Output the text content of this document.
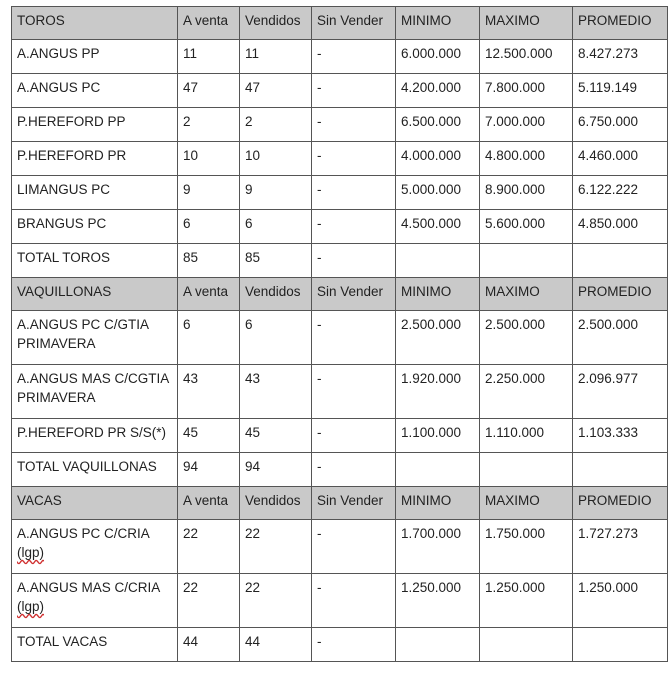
TOROS	A venta	Vendidos	Sin Vender	MINIMO	MAXIMO	PROMEDIO
A.ANGUS PP	11	11	-	6.000.000	12.500.000	8.427.273
A.ANGUS PC	47	47	-	4.200.000	7.800.000	5.119.149
P.HEREFORD PP	2	2	-	6.500.000	7.000.000	6.750.000
P.HEREFORD PR	10	10	-	4.000.000	4.800.000	4.460.000
LIMANGUS PC	9	9	-	5.000.000	8.900.000	6.122.222
BRANGUS PC	6	6	-	4.500.000	5.600.000	4.850.000
TOTAL TOROS	85	85	-			
VAQUILLONAS	A venta	Vendidos	Sin Vender	MINIMO	MAXIMO	PROMEDIO
A.ANGUS PC C/GTIA
PRIMAVERA	6	6	-	2.500.000	2.500.000	2.500.000
A.ANGUS MAS C/CGTIA
PRIMAVERA	43	43	-	1.920.000	2.250.000	2.096.977
P.HEREFORD PR S/S(*)	45	45	-	1.100.000	1.110.000	1.103.333
TOTAL VAQUILLONAS	94	94	-			
VACAS	A venta	Vendidos	Sin Vender	MINIMO	MAXIMO	PROMEDIO
A.ANGUS PC C/CRIA
(lgp)	22	22	-	1.700.000	1.750.000	1.727.273
A.ANGUS MAS C/CRIA
(lgp)	22	22	-	1.250.000	1.250.000	1.250.000
TOTAL VACAS	44	44	-			
